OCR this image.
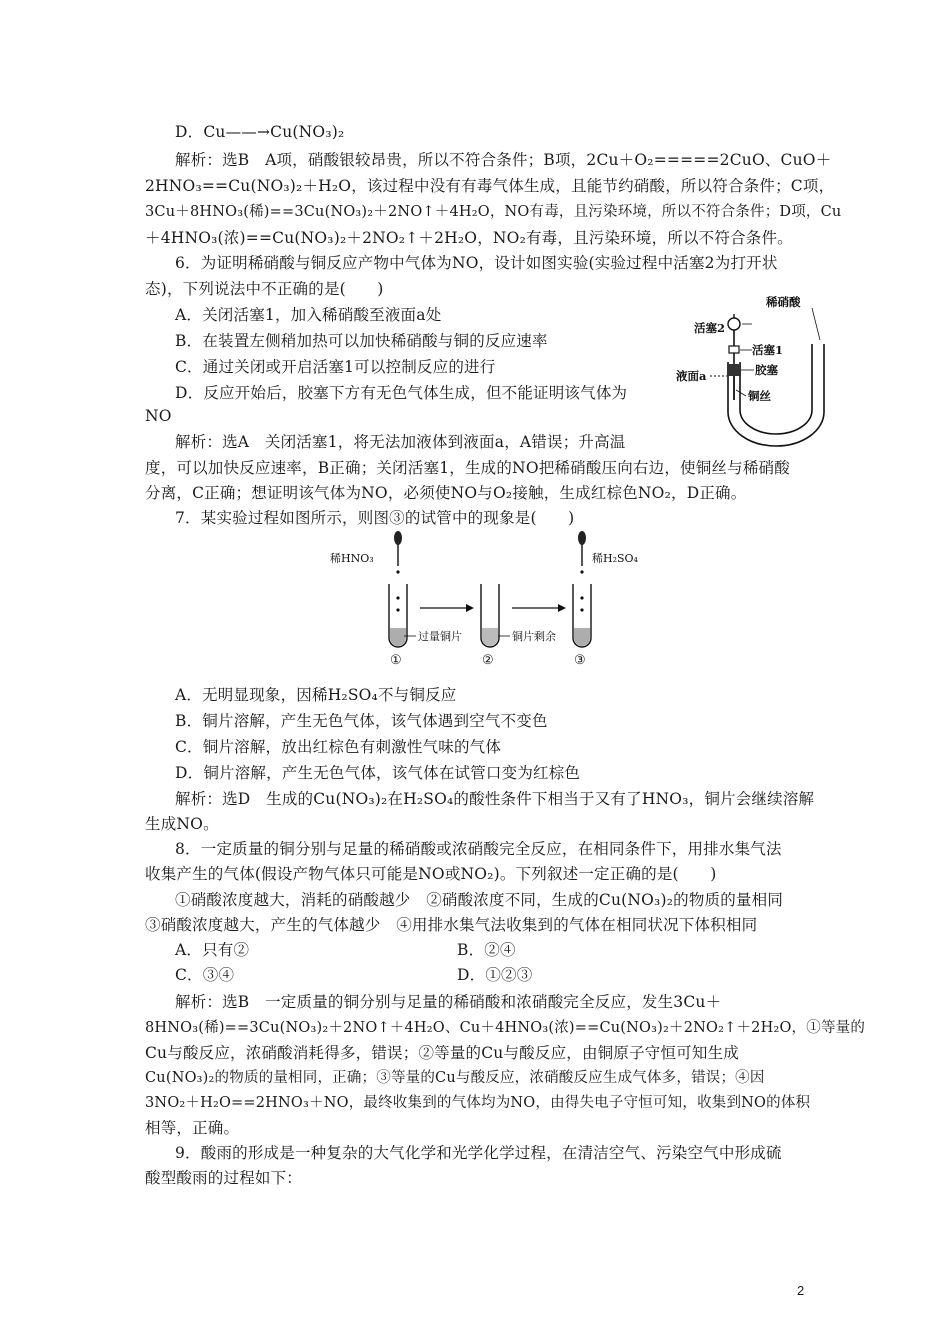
D．Cu——→Cu(NO₃)₂
解析：选B　A项，硝酸银较昂贵，所以不符合条件；B项，2Cu＋O₂=====2CuO、CuO＋
2HNO₃==Cu(NO₃)₂＋H₂O，该过程中没有有毒气体生成，且能节约硝酸，所以符合条件；C项，
3Cu＋8HNO₃(稀)==3Cu(NO₃)₂＋2NO↑＋4H₂O，NO有毒，且污染环境，所以不符合条件；D项，Cu
＋4HNO₃(浓)==Cu(NO₃)₂＋2NO₂↑＋2H₂O，NO₂有毒，且污染环境，所以不符合条件。
6．为证明稀硝酸与铜反应产物中气体为NO，设计如图实验(实验过程中活塞2为打开状
态)，下列说法中不正确的是(　　)
A．关闭活塞1，加入稀硝酸至液面a处
B．在装置左侧稍加热可以加快稀硝酸与铜的反应速率
C．通过关闭或开启活塞1可以控制反应的进行
D．反应开始后，胶塞下方有无色气体生成，但不能证明该气体为
NO
解析：选A　关闭活塞1，将无法加液体到液面a，A错误；升高温
度，可以加快反应速率，B正确；关闭活塞1，生成的NO把稀硝酸压向右边，使铜丝与稀硝酸
分离，C正确；想证明该气体为NO，必须使NO与O₂接触，生成红棕色NO₂，D正确。
活塞2
稀硝酸
活塞1
胶塞
液面a
铜丝
7．某实验过程如图所示，则图③的试管中的现象是(　　)
稀HNO₃	稀H₂SO₄
过量铜片	铜片剩余
①	②	③
A．无明显现象，因稀H₂SO₄不与铜反应
B．铜片溶解，产生无色气体，该气体遇到空气不变色
C．铜片溶解，放出红棕色有刺激性气味的气体
D．铜片溶解，产生无色气体，该气体在试管口变为红棕色
解析：选D　生成的Cu(NO₃)₂在H₂SO₄的酸性条件下相当于又有了HNO₃，铜片会继续溶解
生成NO。
8．一定质量的铜分别与足量的稀硝酸或浓硝酸完全反应，在相同条件下，用排水集气法
收集产生的气体(假设产物气体只可能是NO或NO₂)。下列叙述一定正确的是(　　)
①硝酸浓度越大，消耗的硝酸越少　②硝酸浓度不同，生成的Cu(NO₃)₂的物质的量相同
③硝酸浓度越大，产生的气体越少　④用排水集气法收集到的气体在相同状况下体积相同
A．只有②	B．②④
C．③④	D．①②③
解析：选B　一定质量的铜分别与足量的稀硝酸和浓硝酸完全反应，发生3Cu＋
8HNO₃(稀)==3Cu(NO₃)₂＋2NO↑＋4H₂O、Cu＋4HNO₃(浓)==Cu(NO₃)₂＋2NO₂↑＋2H₂O，①等量的
Cu与酸反应，浓硝酸消耗得多，错误；②等量的Cu与酸反应，由铜原子守恒可知生成
Cu(NO₃)₂的物质的量相同，正确；③等量的Cu与酸反应，浓硝酸反应生成气体多，错误；④因
3NO₂＋H₂O==2HNO₃＋NO，最终收集到的气体均为NO，由得失电子守恒可知，收集到NO的体积
相等，正确。
9．酸雨的形成是一种复杂的大气化学和光学化学过程，在清洁空气、污染空气中形成硫
酸型酸雨的过程如下：
2
